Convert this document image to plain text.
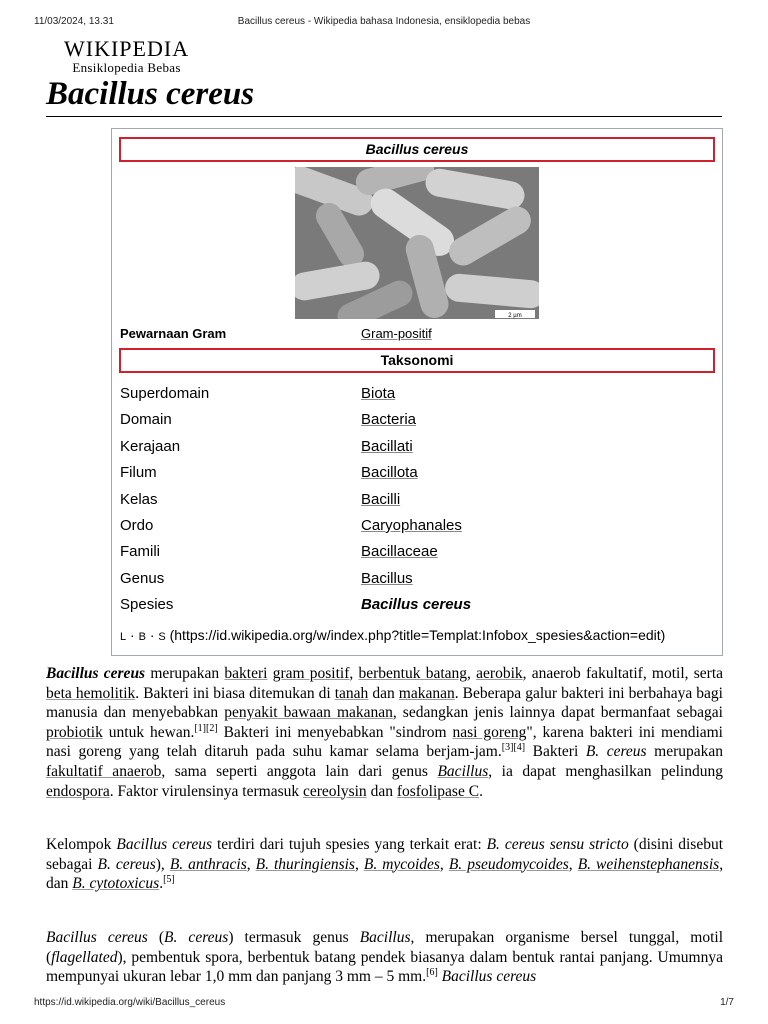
11/03/2024, 13.31	Bacillus cereus - Wikipedia bahasa Indonesia, ensiklopedia bebas
WIKIPEDIA
Ensiklopedia Bebas
Bacillus cereus
Bacillus cereus
2 µm
Pewarnaan Gram	Gram-positif
Taksonomi
Superdomain	Biota
Domain	Bacteria
Kerajaan	Bacillati
Filum	Bacillota
Kelas	Bacilli
Ordo	Caryophanales
Famili	Bacillaceae
Genus	Bacillus
Spesies	Bacillus cereus
L · B · S (https://id.wikipedia.org/w/index.php?title=Templat:Infobox_spesies&action=edit)

Bacillus cereus merupakan bakteri gram positif, berbentuk batang, aerobik, anaerob fakultatif, motil, serta beta hemolitik. Bakteri ini biasa ditemukan di tanah dan makanan. Beberapa galur bakteri ini berbahaya bagi manusia dan menyebabkan penyakit bawaan makanan, sedangkan jenis lainnya dapat bermanfaat sebagai probiotik untuk hewan.[1][2] Bakteri ini menyebabkan "sindrom nasi goreng", karena bakteri ini mendiami nasi goreng yang telah ditaruh pada suhu kamar selama berjam-jam.[3][4] Bakteri B. cereus merupakan fakultatif anaerob, sama seperti anggota lain dari genus Bacillus, ia dapat menghasilkan pelindung endospora. Faktor virulensinya termasuk cereolysin dan fosfolipase C.

Kelompok Bacillus cereus terdiri dari tujuh spesies yang terkait erat: B. cereus sensu stricto (disini disebut sebagai B. cereus), B. anthracis, B. thuringiensis, B. mycoides, B. pseudomycoides, B. weihenstephanensis, dan B. cytotoxicus.[5]

Bacillus cereus (B. cereus) termasuk genus Bacillus, merupakan organisme bersel tunggal, motil (flagellated), pembentuk spora, berbentuk batang pendek biasanya dalam bentuk rantai panjang. Umumnya mempunyai ukuran lebar 1,0 mm dan panjang 3 mm – 5 mm.[6] Bacillus cereus

https://id.wikipedia.org/wiki/Bacillus_cereus	1/7
